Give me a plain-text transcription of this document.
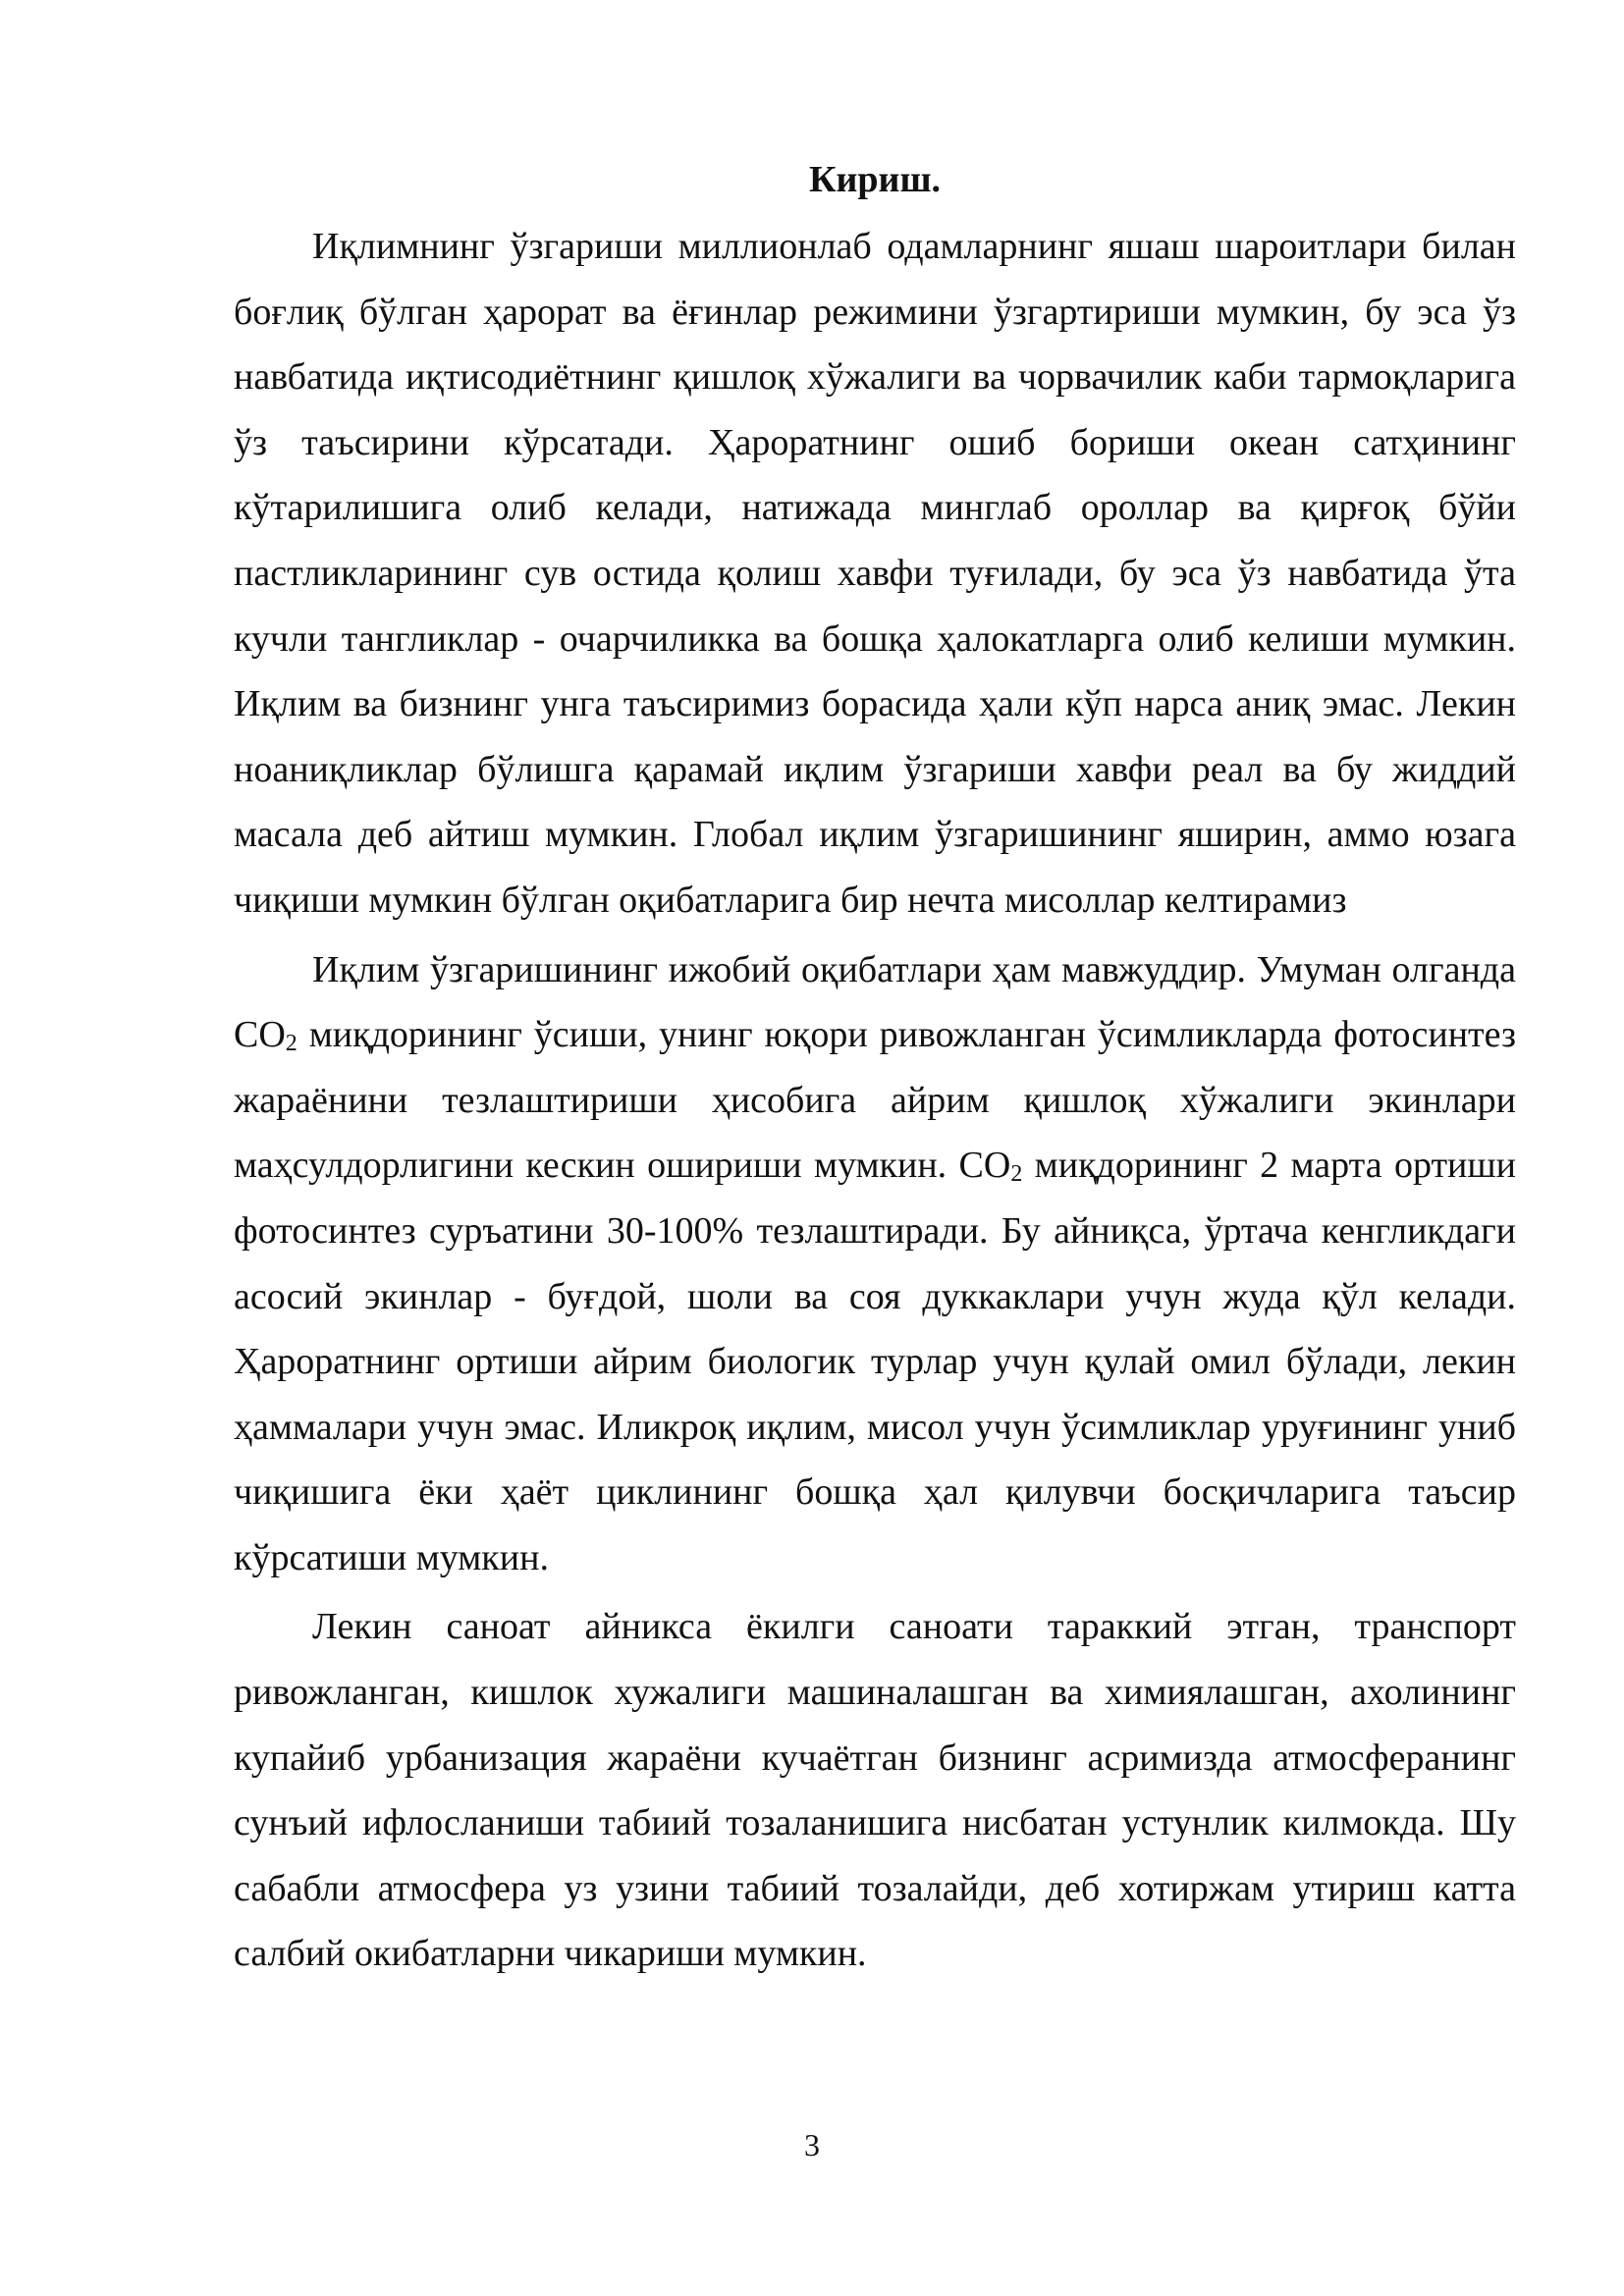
Кириш.

Иқлимнинг ўзгариши миллионлаб одамларнинг яшаш шароитлари билан боғлиқ бўлган ҳарорат ва ёғинлар режимини ўзгартириши мумкин, бу эса ўз навбатида иқтисодиётнинг қишлоқ хўжалиги ва чорвачилик каби тармоқларига ўз таъсирини кўрсатади. Ҳароратнинг ошиб бориши океан сатҳининг кўтарилишига олиб келади, натижада минглаб ороллар ва қирғоқ бўйи пастликларининг сув остида қолиш хавфи туғилади, бу эса ўз навбатида ўта кучли тангликлар - очарчиликка ва бошқа ҳалокатларга олиб келиши мумкин. Иқлим ва бизнинг унга таъсиримиз борасида ҳали кўп нарса аниқ эмас. Лекин ноаниқликлар бўлишга қарамай иқлим ўзгариши хавфи реал ва бу жиддий масала деб айтиш мумкин. Глобал иқлим ўзгаришининг яширин, аммо юзага чиқиши мумкин бўлган оқибатларига бир нечта мисоллар келтирамиз

Иқлим ўзгаришининг ижобий оқибатлари ҳам мавжуддир. Умуман олганда $CO_2$ миқдорининг ўсиши, унинг юқори ривожланган ўсимликларда фотосинтез жараёнини тезлаштириши ҳисобига айрим қишлоқ хўжалиги экинлари маҳсулдорлигини кескин ошириши мумкин. $CO_2$ миқдорининг 2 марта ортиши фотосинтез суръатини 30-100% тезлаштиради. Бу айниқса, ўртача кенгликдаги асосий экинлар - буғдой, шоли ва соя дуккаклари учун жуда қўл келади. Ҳароратнинг ортиши айрим биологик турлар учун қулай омил бўлади, лекин ҳаммалари учун эмас. Иликроқ иқлим, мисол учун ўсимликлар уруғининг униб чиқишига ёки ҳаёт циклининг бошқа ҳал қилувчи босқичларига таъсир кўрсатиши мумкин.

Лекин саноат айникса ёкилги саноати тараккий этган, транспорт ривожланган, кишлок хужалиги машиналашган ва химиялашган, ахолининг купайиб урбанизация жараёни кучаётган бизнинг асримизда атмосферанинг сунъий ифлосланиши табиий тозаланишига нисбатан устунлик килмокда. Шу сабабли атмосфера уз узини табиий тозалайди, деб хотиржам утириш катта салбий окибатларни чикариши мумкин.

3
